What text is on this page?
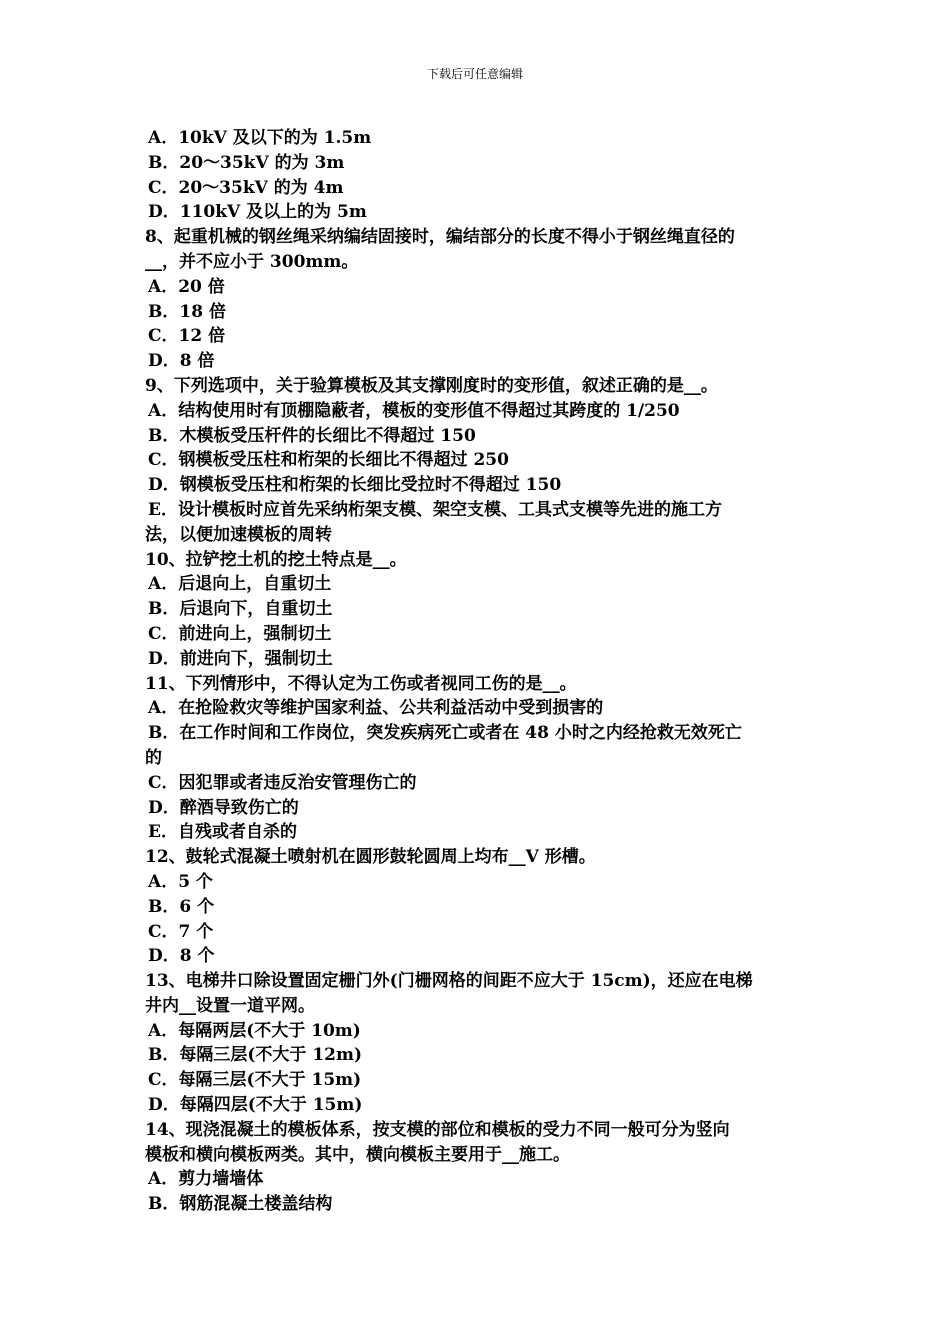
下载后可任意编辑
A．10kV 及以下的为 1.5m
B．20～35kV 的为 3m
C．20～35kV 的为 4m
D．110kV 及以上的为 5m
8、起重机械的钢丝绳采纳编结固接时，编结部分的长度不得小于钢丝绳直径的
__，并不应小于 300mm。
A．20 倍
B．18 倍
C．12 倍
D．8 倍
9、下列选项中，关于验算模板及其支撑刚度时的变形值，叙述正确的是__。
A．结构使用时有顶棚隐蔽者，模板的变形值不得超过其跨度的 1/250
B．木模板受压杆件的长细比不得超过 150
C．钢模板受压柱和桁架的长细比不得超过 250
D．钢模板受压柱和桁架的长细比受拉时不得超过 150
E．设计模板时应首先采纳桁架支模、架空支模、工具式支模等先进的施工方
法，以便加速模板的周转
10、拉铲挖土机的挖土特点是__。
A．后退向上，自重切土
B．后退向下，自重切土
C．前进向上，强制切土
D．前进向下，强制切土
11、下列情形中，不得认定为工伤或者视同工伤的是__。
A．在抢险救灾等维护国家利益、公共利益活动中受到损害的
B．在工作时间和工作岗位，突发疾病死亡或者在 48 小时之内经抢救无效死亡
的
C．因犯罪或者违反治安管理伤亡的
D．醉酒导致伤亡的
E．自残或者自杀的
12、鼓轮式混凝土喷射机在圆形鼓轮圆周上均布__V 形槽。
A．5 个
B．6 个
C．7 个
D．8 个
13、电梯井口除设置固定栅门外(门栅网格的间距不应大于 15cm)，还应在电梯
井内__设置一道平网。
A．每隔两层(不大于 10m)
B．每隔三层(不大于 12m)
C．每隔三层(不大于 15m)
D．每隔四层(不大于 15m)
14、现浇混凝土的模板体系，按支模的部位和模板的受力不同一般可分为竖向
模板和横向模板两类。其中，横向模板主要用于__施工。
A．剪力墙墙体
B．钢筋混凝土楼盖结构
